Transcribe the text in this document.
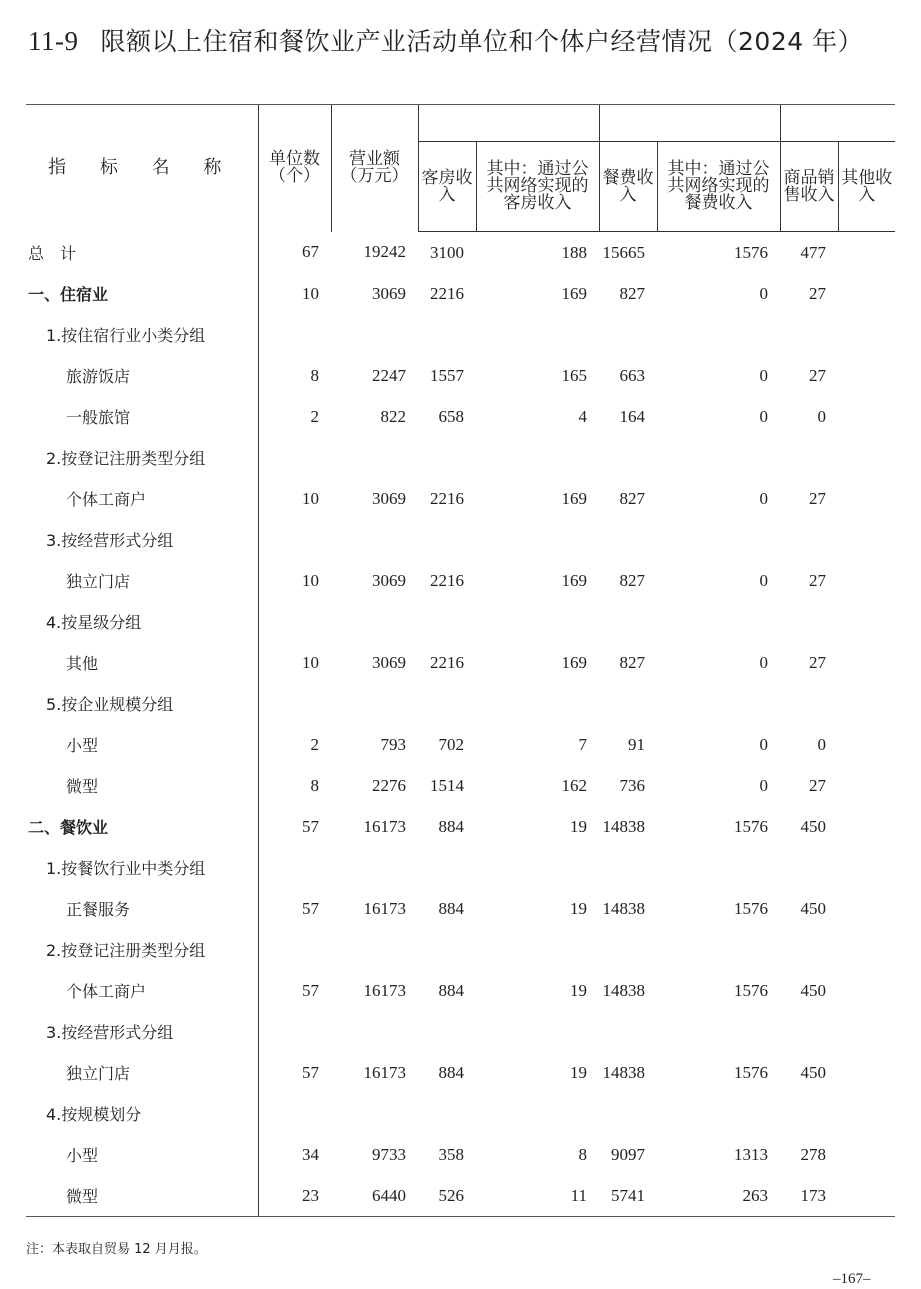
11-9 限额以上住宿和餐饮业产业活动单位和个体户经营情况（2024 年）
指 标 名 称	单位数（个）	营业额（万元）						
			客房收入	其中：通过公共网络实现的客房收入	餐费收入	其中：通过公共网络实现的餐费收入	商品销售收入	其他收入
总　计	67	19242	3100	188	15665	1576	477	
一、住宿业	10	3069	2216	169	827	0	27	
1.按住宿行业小类分组								
旅游饭店	8	2247	1557	165	663	0	27	
一般旅馆	2	822	658	4	164	0	0	
2.按登记注册类型分组								
个体工商户	10	3069	2216	169	827	0	27	
3.按经营形式分组								
独立门店	10	3069	2216	169	827	0	27	
4.按星级分组								
其他	10	3069	2216	169	827	0	27	
5.按企业规模分组								
小型	2	793	702	7	91	0	0	
微型	8	2276	1514	162	736	0	27	
二、餐饮业	57	16173	884	19	14838	1576	450	
1.按餐饮行业中类分组								
正餐服务	57	16173	884	19	14838	1576	450	
2.按登记注册类型分组								
个体工商户	57	16173	884	19	14838	1576	450	
3.按经营形式分组								
独立门店	57	16173	884	19	14838	1576	450	
4.按规模划分								
小型	34	9733	358	8	9097	1313	278	
微型	23	6440	526	11	5741	263	173	
注：本表取自贸易 12 月月报。
–167–
